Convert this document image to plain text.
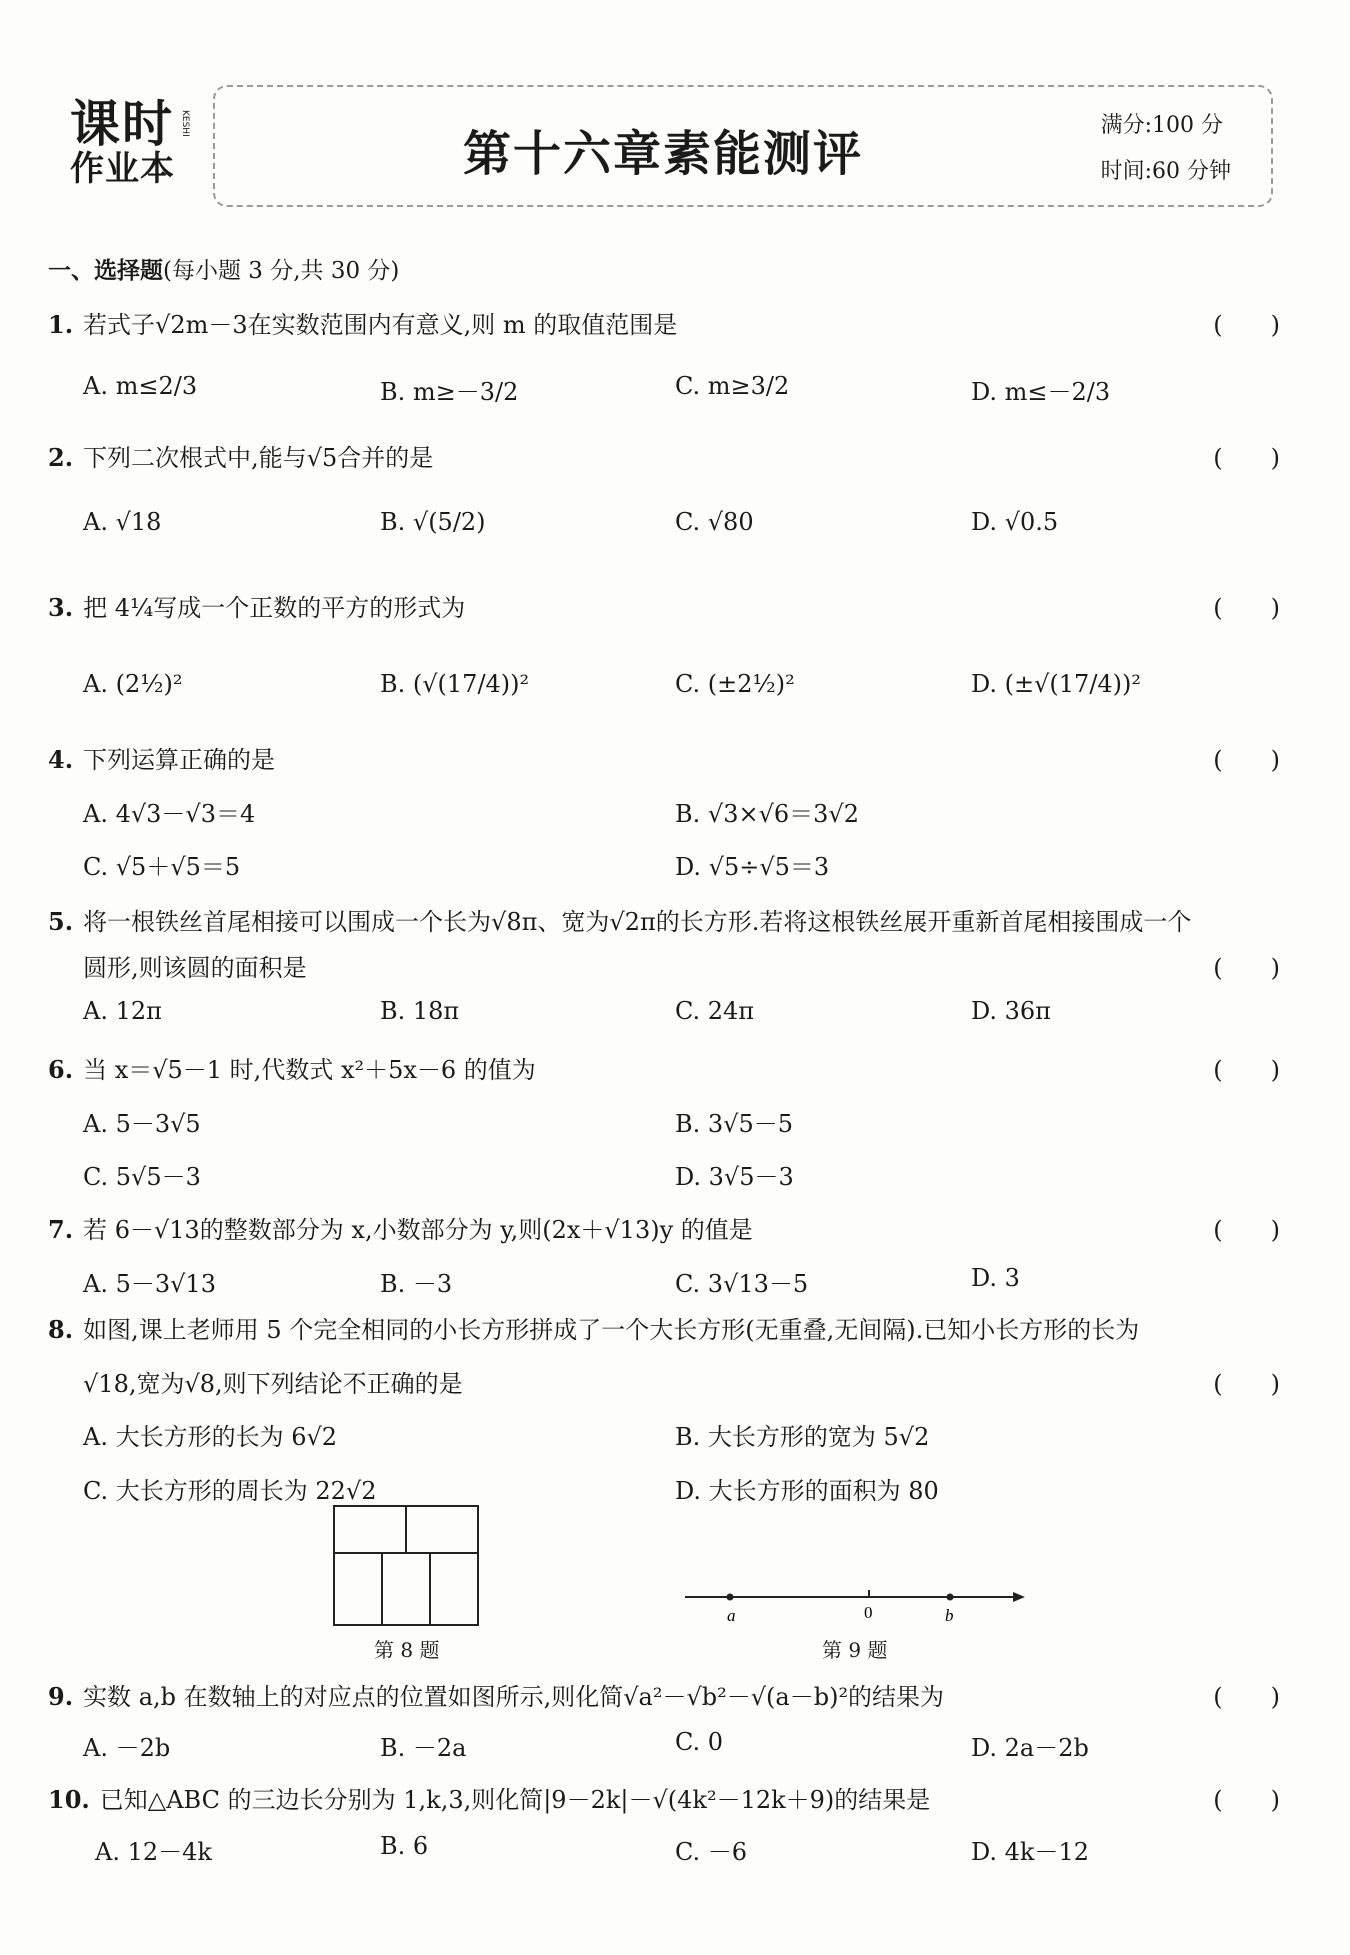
课时
作业本
KESHI
第十六章素能测评
满分:100 分
时间:60 分钟
一、选择题(每小题 3 分,共 30 分)
1. 若式子√2m－3在实数范围内有意义,则 m 的取值范围是	(　　)
A. m≤2/3	B. m≥－3/2	C. m≥3/2	D. m≤－2/3
2. 下列二次根式中,能与√5合并的是	(　　)
A. √18	B. √(5/2)	C. √80	D. √0.5
3. 把 4¼写成一个正数的平方的形式为	(　　)
A. (2½)²	B. (√(17/4))²	C. (±2½)²	D. (±√(17/4))²
4. 下列运算正确的是	(　　)
A. 4√3－√3＝4	B. √3×√6＝3√2
C. √5＋√5＝5	D. √5÷√5＝3
5. 将一根铁丝首尾相接可以围成一个长为√8π、宽为√2π的长方形.若将这根铁丝展开重新首尾相接围成一个
圆形,则该圆的面积是	(　　)
A. 12π	B. 18π	C. 24π	D. 36π
6. 当 x＝√5－1 时,代数式 x²＋5x－6 的值为	(　　)
A. 5－3√5	B. 3√5－5
C. 5√5－3	D. 3√5－3
7. 若 6－√13的整数部分为 x,小数部分为 y,则(2x＋√13)y 的值是	(　　)
A. 5－3√13	B. －3	C. 3√13－5	D. 3
8. 如图,课上老师用 5 个完全相同的小长方形拼成了一个大长方形(无重叠,无间隔).已知小长方形的长为
√18,宽为√8,则下列结论不正确的是	(　　)
A. 大长方形的长为 6√2	B. 大长方形的宽为 5√2
C. 大长方形的周长为 22√2	D. 大长方形的面积为 80
第 8 题
a	0	b
第 9 题
9. 实数 a,b 在数轴上的对应点的位置如图所示,则化简√a²－√b²－√(a－b)²的结果为	(　　)
A. －2b	B. －2a	C. 0	D. 2a－2b
10. 已知△ABC 的三边长分别为 1,k,3,则化简|9－2k|－√(4k²－12k＋9)的结果是	(　　)
A. 12－4k	B. 6	C. －6	D. 4k－12
